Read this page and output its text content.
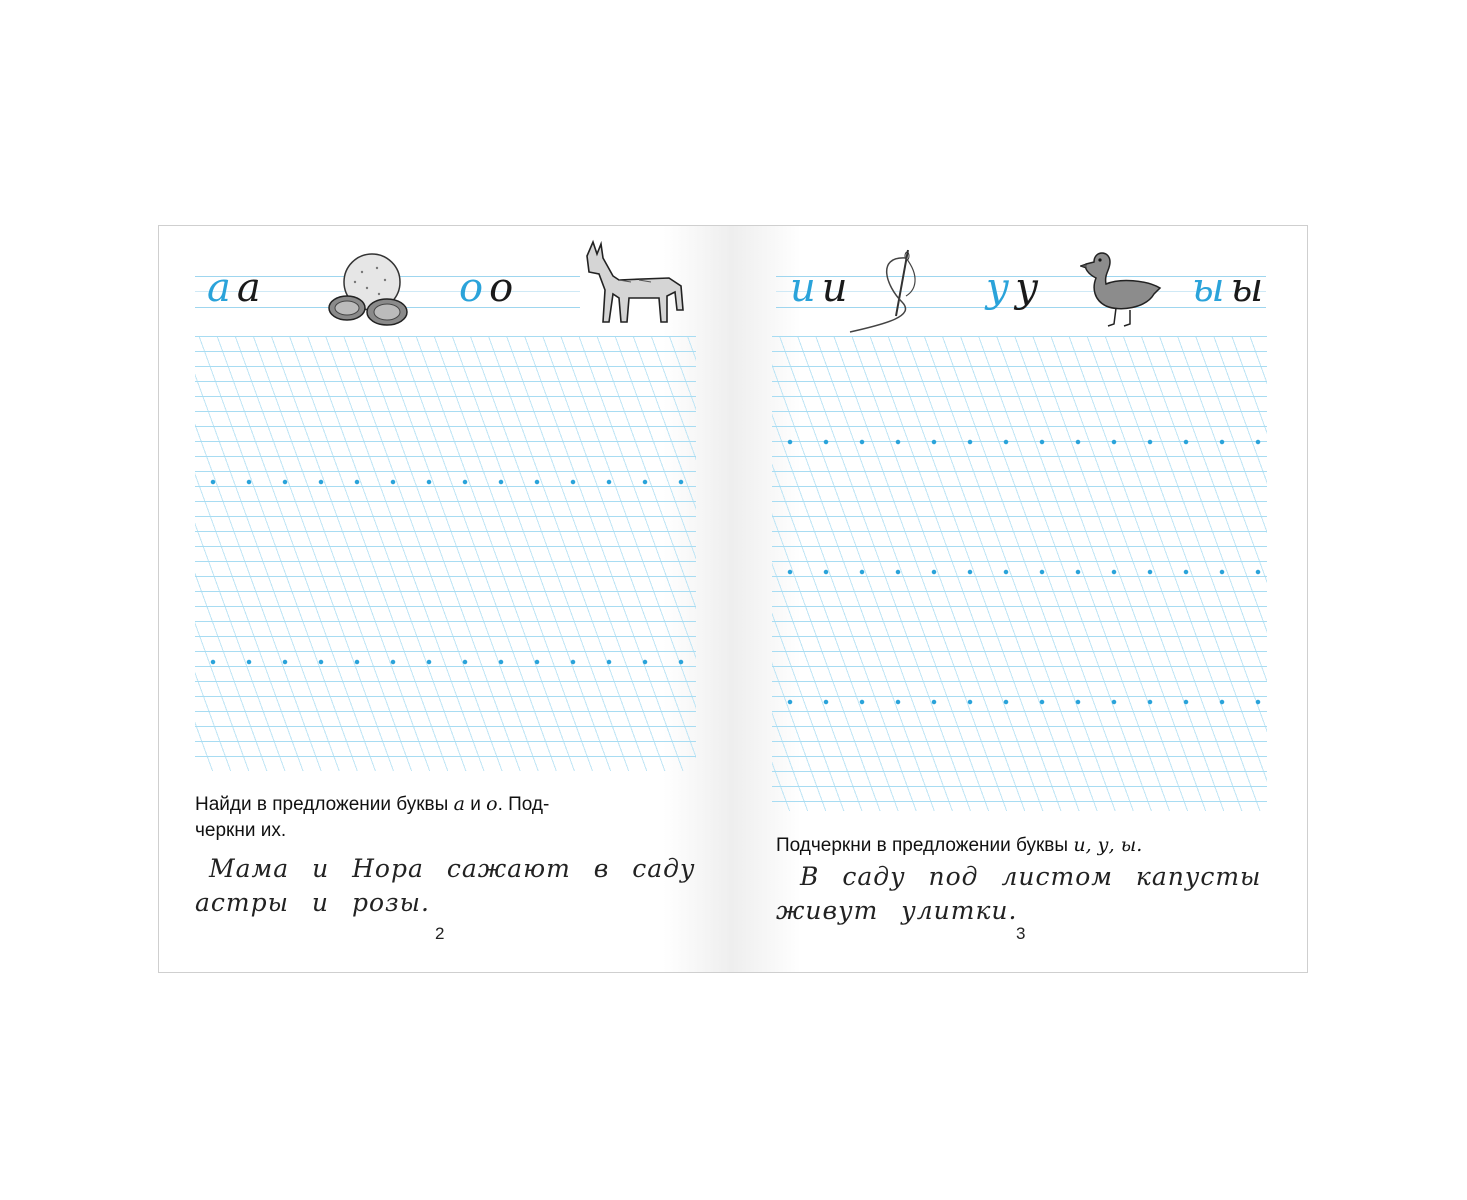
a a	o o
Найди в предложении буквы а и о. Под-
черкни их.
Мама и Нора сажают в саду
астры и розы.
2
и и	у у	ы ы
Подчеркни в предложении буквы и, у, ы.
В саду под листом капусты
живут улитки.
3
